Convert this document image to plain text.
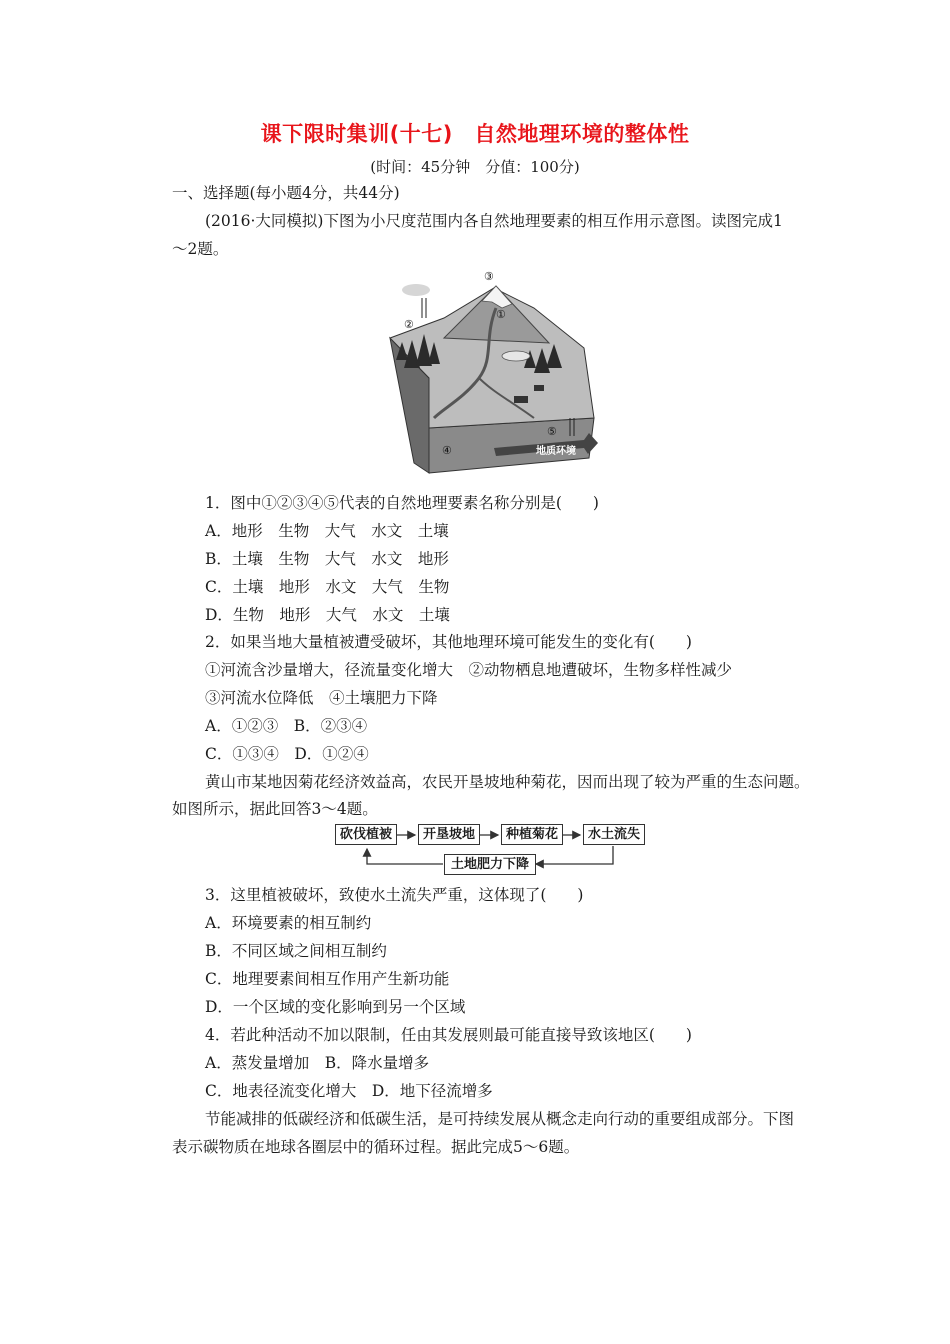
课下限时集训(十七)　自然地理环境的整体性
(时间：45分钟　分值：100分)
一、选择题(每小题4分，共44分)
(2016·大同模拟)下图为小尺度范围内各自然地理要素的相互作用示意图。读图完成1
～2题。
③
①
②
④
⑤
地质环境
1．图中①②③④⑤代表的自然地理要素名称分别是(　　)
A．地形　生物　大气　水文　土壤
B．土壤　生物　大气　水文　地形
C．土壤　地形　水文　大气　生物
D．生物　地形　大气　水文　土壤
2．如果当地大量植被遭受破坏，其他地理环境可能发生的变化有(　　)
①河流含沙量增大，径流量变化增大　②动物栖息地遭破坏，生物多样性减少
③河流水位降低　④土壤肥力下降
A．①②③　B．②③④
C．①③④　D．①②④
黄山市某地因菊花经济效益高，农民开垦坡地种菊花，因而出现了较为严重的生态问题。
如图所示，据此回答3～4题。
砍伐植被	开垦坡地	种植菊花	水土流失
土地肥力下降
3．这里植被破坏，致使水土流失严重，这体现了(　　)
A．环境要素的相互制约
B．不同区域之间相互制约
C．地理要素间相互作用产生新功能
D．一个区域的变化影响到另一个区域
4．若此种活动不加以限制，任由其发展则最可能直接导致该地区(　　)
A．蒸发量增加　B．降水量增多
C．地表径流变化增大　D．地下径流增多
节能减排的低碳经济和低碳生活，是可持续发展从概念走向行动的重要组成部分。下图
表示碳物质在地球各圈层中的循环过程。据此完成5～6题。
